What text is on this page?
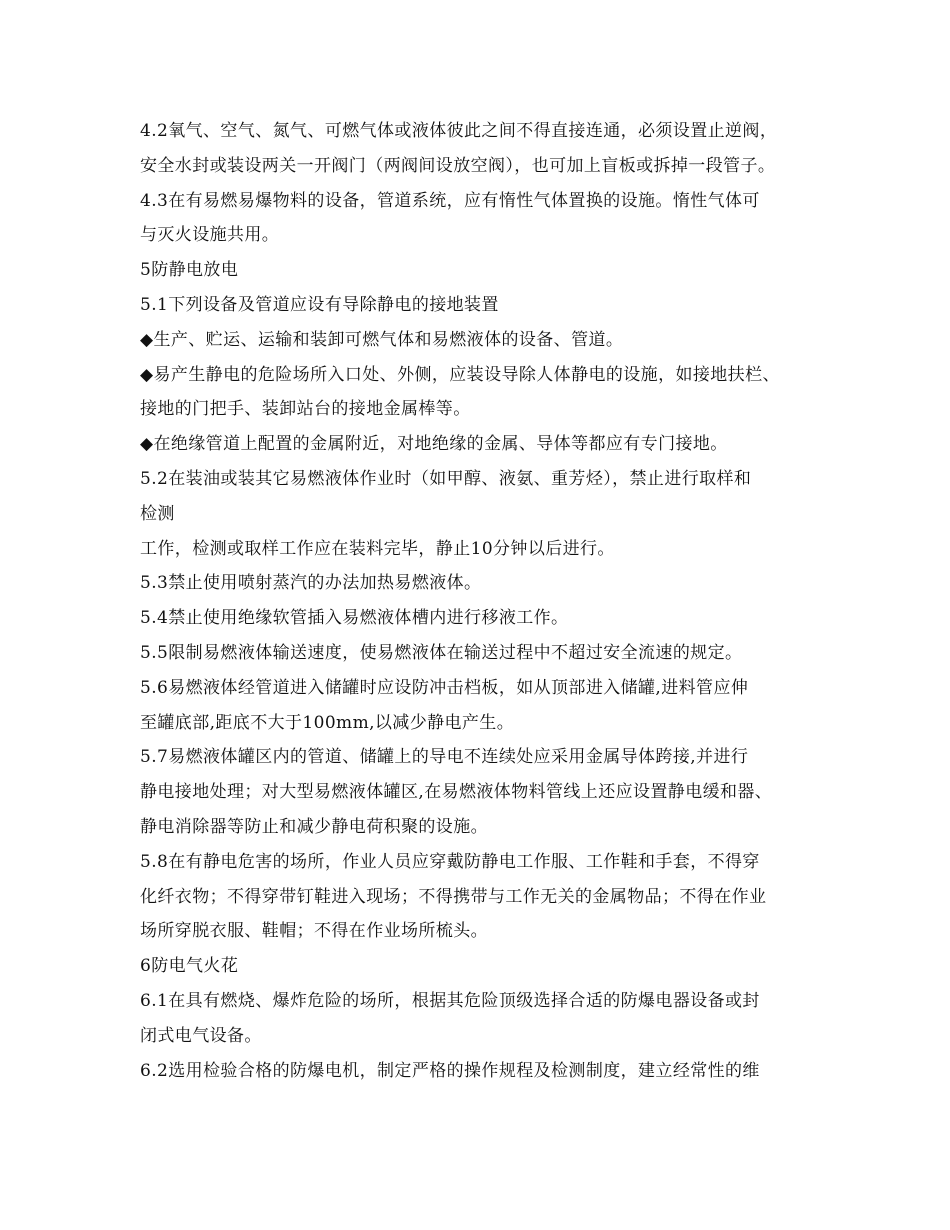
4.2氧气、空气、氮气、可燃气体或液体彼此之间不得直接连通，必须设置止逆阀，
安全水封或装设两关一开阀门（两阀间设放空阀），也可加上盲板或拆掉一段管子。
4.3在有易燃易爆物料的设备，管道系统，应有惰性气体置换的设施。惰性气体可
与灭火设施共用。
5防静电放电
5.1下列设备及管道应设有导除静电的接地装置
◆生产、贮运、运输和装卸可燃气体和易燃液体的设备、管道。
◆易产生静电的危险场所入口处、外侧，应装设导除人体静电的设施，如接地扶栏、
接地的门把手、装卸站台的接地金属棒等。
◆在绝缘管道上配置的金属附近，对地绝缘的金属、导体等都应有专门接地。
5.2在装油或装其它易燃液体作业时（如甲醇、液氨、重芳烃），禁止进行取样和
检测
工作，检测或取样工作应在装料完毕，静止10分钟以后进行。
5.3禁止使用喷射蒸汽的办法加热易燃液体。
5.4禁止使用绝缘软管插入易燃液体槽内进行移液工作。
5.5限制易燃液体输送速度，使易燃液体在输送过程中不超过安全流速的规定。
5.6易燃液体经管道进入储罐时应设防冲击档板，如从顶部进入储罐,进料管应伸
至罐底部,距底不大于100mm,以减少静电产生。
5.7易燃液体罐区内的管道、储罐上的导电不连续处应采用金属导体跨接,并进行
静电接地处理；对大型易燃液体罐区,在易燃液体物料管线上还应设置静电缓和器、
静电消除器等防止和减少静电荷积聚的设施。
5.8在有静电危害的场所，作业人员应穿戴防静电工作服、工作鞋和手套，不得穿
化纤衣物；不得穿带钉鞋进入现场；不得携带与工作无关的金属物品；不得在作业
场所穿脱衣服、鞋帽；不得在作业场所梳头。
6防电气火花
6.1在具有燃烧、爆炸危险的场所，根据其危险顶级选择合适的防爆电器设备或封
闭式电气设备。
6.2选用检验合格的防爆电机，制定严格的操作规程及检测制度，建立经常性的维
